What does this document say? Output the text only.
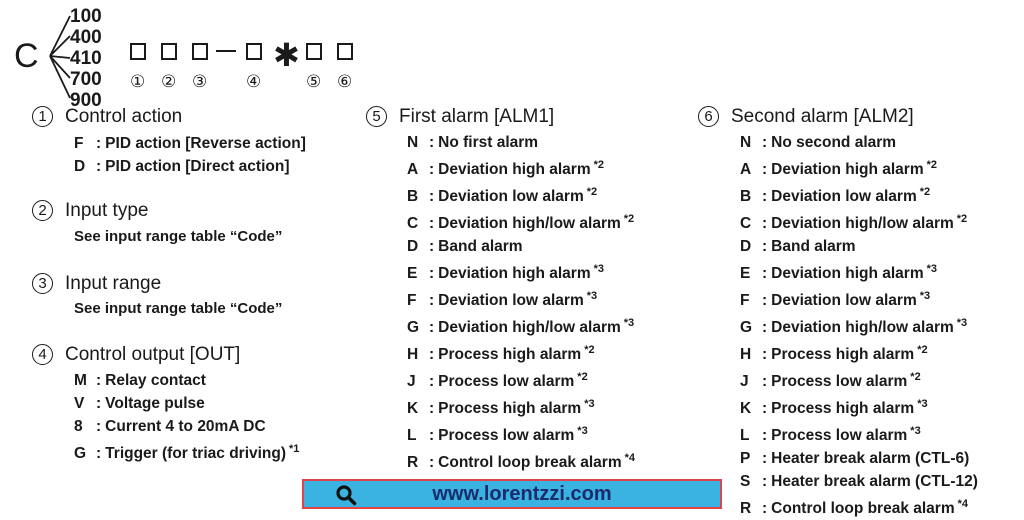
C
100
400
410
700
900
✱
① ② ③ ④	⑤ ⑥
1 Control action
F : PID action [Reverse action]
D : PID action [Direct action]
2 Input type
See input range table “Code”
3 Input range
See input range table “Code”
4 Control output [OUT]
M : Relay contact
V : Voltage pulse
8 : Current 4 to 20mA DC
G : Trigger (for triac driving) $^{*1}$
5 First alarm [ALM1]
N : No first alarm
A : Deviation high alarm $^{*2}$
B : Deviation low alarm $^{*2}$
C : Deviation high/low alarm $^{*2}$
D : Band alarm
E : Deviation high alarm $^{*3}$
F : Deviation low alarm $^{*3}$
G : Deviation high/low alarm $^{*3}$
H : Process high alarm $^{*2}$
J : Process low alarm $^{*2}$
K : Process high alarm $^{*3}$
L : Process low alarm $^{*3}$
R : Control loop break alarm $^{*4}$
6 Second alarm [ALM2]
N : No second alarm
A : Deviation high alarm $^{*2}$
B : Deviation low alarm $^{*2}$
C : Deviation high/low alarm $^{*2}$
D : Band alarm
E : Deviation high alarm $^{*3}$
F : Deviation low alarm $^{*3}$
G : Deviation high/low alarm $^{*3}$
H : Process high alarm $^{*2}$
J : Process low alarm $^{*2}$
K : Process high alarm $^{*3}$
L : Process low alarm $^{*3}$
P : Heater break alarm (CTL-6)
S : Heater break alarm (CTL-12)
R : Control loop break alarm $^{*4}$
www.lorentzzi.com
